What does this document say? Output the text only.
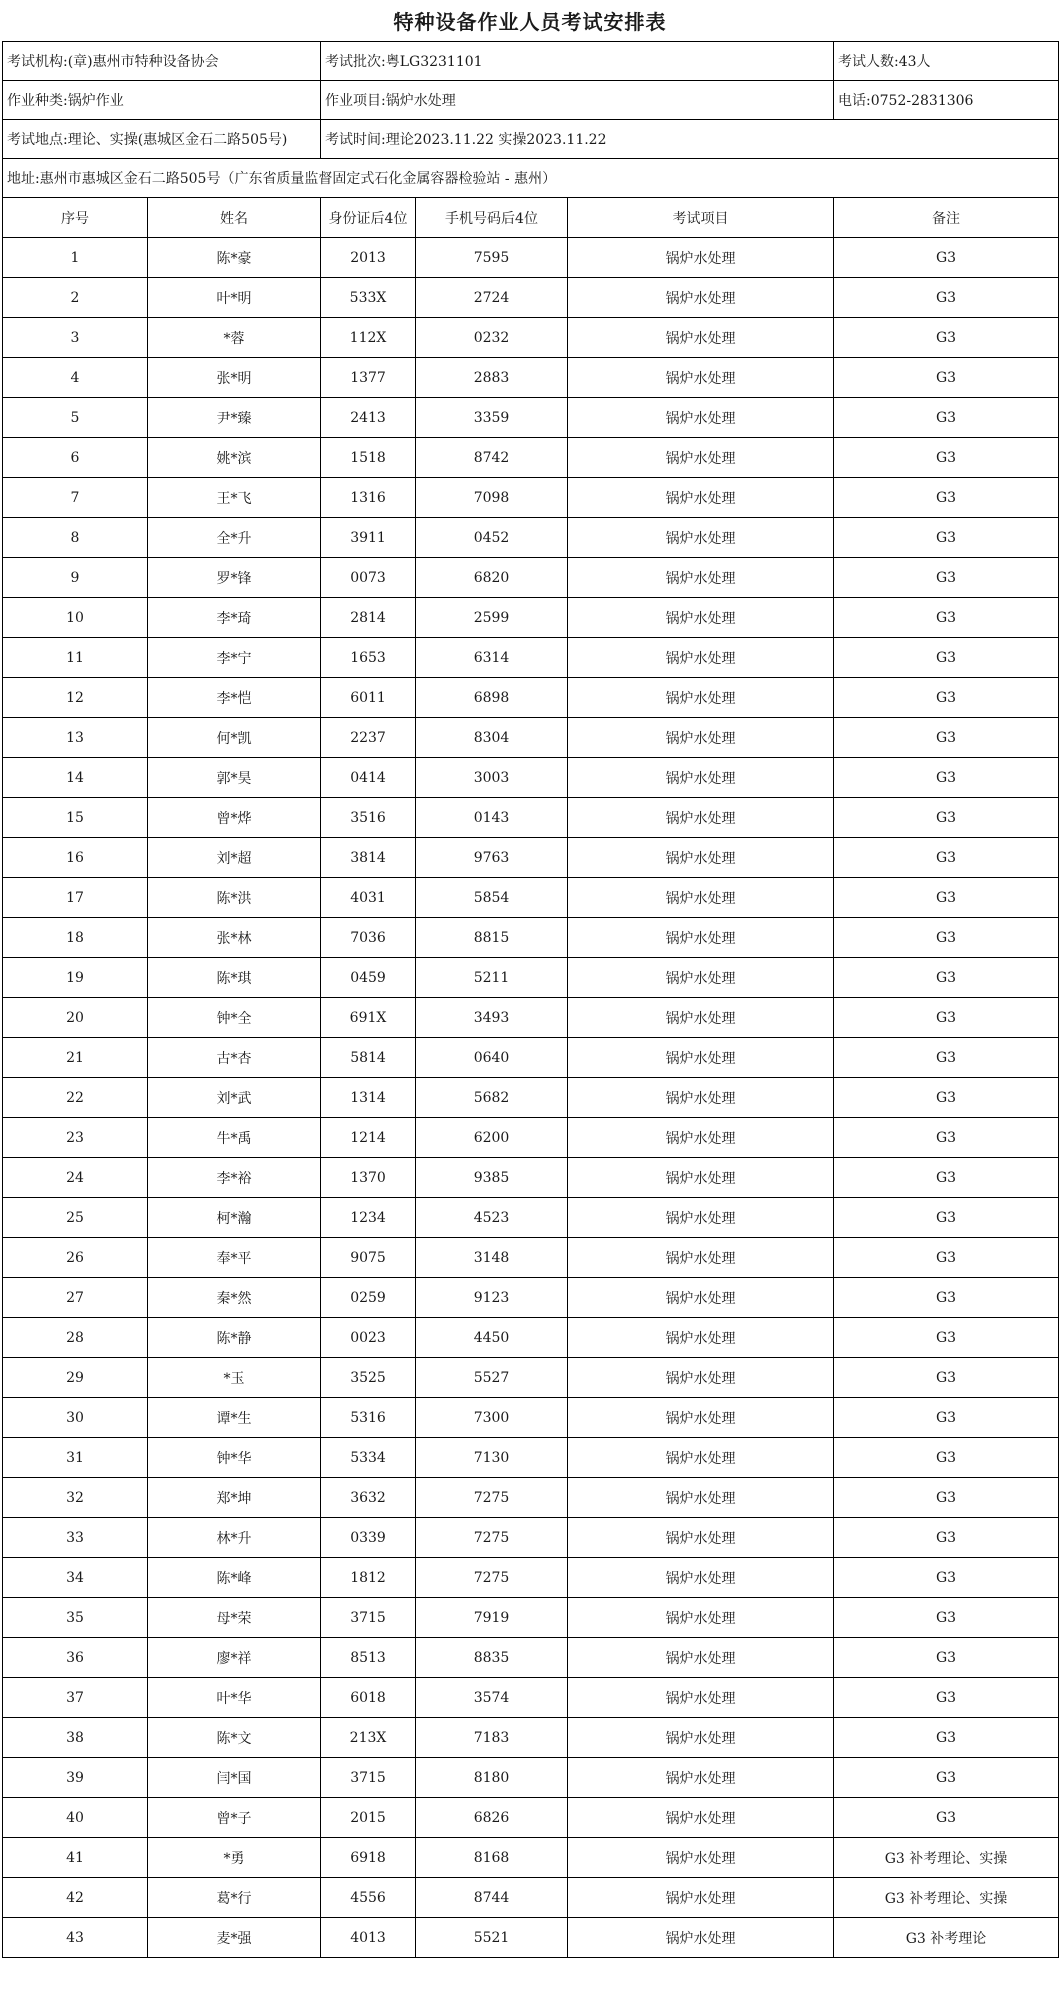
特种设备作业人员考试安排表
考试机构:(章)惠州市特种设备协会		考试批次:粤LG3231101			考试人数:43人
作业种类:锅炉作业		作业项目:锅炉水处理			电话:0752-2831306
考试地点:理论、实操(惠城区金石二路505号)		考试时间:理论2023.11.22 实操2023.11.22			
地址:惠州市惠城区金石二路505号（广东省质量监督固定式石化金属容器检验站 - 惠州）					
序号	姓名	身份证后4位	手机号码后4位	考试项目	备注
1	陈*豪	2013	7595	锅炉水处理	G3
2	叶*明	533X	2724	锅炉水处理	G3
3	*蓉	112X	0232	锅炉水处理	G3
4	张*明	1377	2883	锅炉水处理	G3
5	尹*臻	2413	3359	锅炉水处理	G3
6	姚*滨	1518	8742	锅炉水处理	G3
7	王*飞	1316	7098	锅炉水处理	G3
8	全*升	3911	0452	锅炉水处理	G3
9	罗*锋	0073	6820	锅炉水处理	G3
10	李*琦	2814	2599	锅炉水处理	G3
11	李*宁	1653	6314	锅炉水处理	G3
12	李*恺	6011	6898	锅炉水处理	G3
13	何*凯	2237	8304	锅炉水处理	G3
14	郭*昊	0414	3003	锅炉水处理	G3
15	曾*烨	3516	0143	锅炉水处理	G3
16	刘*超	3814	9763	锅炉水处理	G3
17	陈*洪	4031	5854	锅炉水处理	G3
18	张*林	7036	8815	锅炉水处理	G3
19	陈*琪	0459	5211	锅炉水处理	G3
20	钟*全	691X	3493	锅炉水处理	G3
21	古*杏	5814	0640	锅炉水处理	G3
22	刘*武	1314	5682	锅炉水处理	G3
23	牛*禹	1214	6200	锅炉水处理	G3
24	李*裕	1370	9385	锅炉水处理	G3
25	柯*瀚	1234	4523	锅炉水处理	G3
26	奉*平	9075	3148	锅炉水处理	G3
27	秦*然	0259	9123	锅炉水处理	G3
28	陈*静	0023	4450	锅炉水处理	G3
29	*玉	3525	5527	锅炉水处理	G3
30	谭*生	5316	7300	锅炉水处理	G3
31	钟*华	5334	7130	锅炉水处理	G3
32	郑*坤	3632	7275	锅炉水处理	G3
33	林*升	0339	7275	锅炉水处理	G3
34	陈*峰	1812	7275	锅炉水处理	G3
35	母*荣	3715	7919	锅炉水处理	G3
36	廖*祥	8513	8835	锅炉水处理	G3
37	叶*华	6018	3574	锅炉水处理	G3
38	陈*文	213X	7183	锅炉水处理	G3
39	闫*国	3715	8180	锅炉水处理	G3
40	曾*子	2015	6826	锅炉水处理	G3
41	*勇	6918	8168	锅炉水处理	G3 补考理论、实操
42	葛*行	4556	8744	锅炉水处理	G3 补考理论、实操
43	麦*强	4013	5521	锅炉水处理	G3 补考理论
